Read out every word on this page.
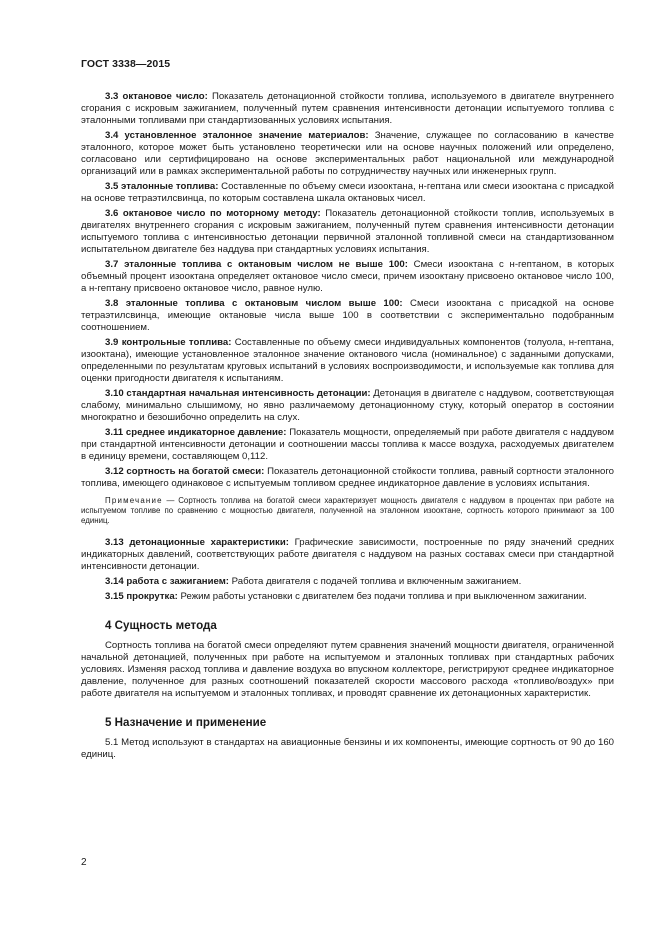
ГОСТ 3338—2015

3.3 октановое число: Показатель детонационной стойкости топлива, используемого в двигателе внутреннего сгорания с искровым зажиганием, полученный путем сравнения интенсивности детонации испытуемого топлива с эталонными топливами при стандартизованных условиях испытания.

3.4 установленное эталонное значение материалов: Значение, служащее по согласованию в качестве эталонного, которое может быть установлено теоретически или на основе научных положений или определено, согласовано или сертифицировано на основе экспериментальных работ национальной или международной организаций или в рамках экспериментальной работы по сотрудничеству научных или инженерных групп.

3.5 эталонные топлива: Составленные по объему смеси изооктана, н-гептана или смеси изооктана с присадкой на основе тетраэтилсвинца, по которым составлена шкала октановых чисел.

3.6 октановое число по моторному методу: Показатель детонационной стойкости топлив, используемых в двигателях внутреннего сгорания с искровым зажиганием, полученный путем сравнения интенсивности детонации испытуемого топлива с интенсивностью детонации первичной эталонной топливной смеси на стандартизованном испытательном двигателе без наддува при стандартных условиях испытания.

3.7 эталонные топлива с октановым числом не выше 100: Смеси изооктана с н-гептаном, в которых объемный процент изооктана определяет октановое число смеси, причем изооктану присвоено октановое число 100, а н-гептану присвоено октановое число, равное нулю.

3.8 эталонные топлива с октановым числом выше 100: Смеси изооктана с присадкой на основе тетраэтилсвинца, имеющие октановые числа выше 100 в соответствии с экспериментально подобранным соотношением.

3.9 контрольные топлива: Составленные по объему смеси индивидуальных компонентов (толуола, н-гептана, изооктана), имеющие установленное эталонное значение октанового числа (номинальное) с заданными допусками, определенными по результатам круговых испытаний в условиях воспроизводимости, и используемые как топлива для оценки пригодности двигателя к испытаниям.

3.10 стандартная начальная интенсивность детонации: Детонация в двигателе с наддувом, соответствующая слабому, минимально слышимому, но явно различаемому детонационному стуку, который оператор в состоянии многократно и безошибочно определить на слух.

3.11 среднее индикаторное давление: Показатель мощности, определяемый при работе двигателя с наддувом при стандартной интенсивности детонации и соотношении массы топлива к массе воздуха, расходуемых двигателем в единицу времени, составляющем 0,112.

3.12 сортность на богатой смеси: Показатель детонационной стойкости топлива, равный сортности эталонного топлива, имеющего одинаковое с испытуемым топливом среднее индикаторное давление в условиях испытания.

Примечание — Сортность топлива на богатой смеси характеризует мощность двигателя с наддувом в процентах при работе на испытуемом топливе по сравнению с мощностью двигателя, полученной на эталонном изооктане, сортность которого принимают за 100 единиц.

3.13 детонационные характеристики: Графические зависимости, построенные по ряду значений средних индикаторных давлений, соответствующих работе двигателя с наддувом на разных составах смеси при стандартной интенсивности детонации.

3.14 работа с зажиганием: Работа двигателя с подачей топлива и включенным зажиганием.

3.15 прокрутка: Режим работы установки с двигателем без подачи топлива и при выключенном зажигании.

4 Сущность метода

Сортность топлива на богатой смеси определяют путем сравнения значений мощности двигателя, ограниченной начальной детонацией, полученных при работе на испытуемом и эталонных топливах при стандартных рабочих условиях. Изменяя расход топлива и давление воздуха во впускном коллекторе, регистрируют среднее индикаторное давление, полученное для разных соотношений показателей скорости массового расхода «топливо/воздух» при работе двигателя на испытуемом и эталонных топливах, и проводят сравнение их детонационных характеристик.

5 Назначение и применение

5.1 Метод используют в стандартах на авиационные бензины и их компоненты, имеющие сортность от 90 до 160 единиц.

2
